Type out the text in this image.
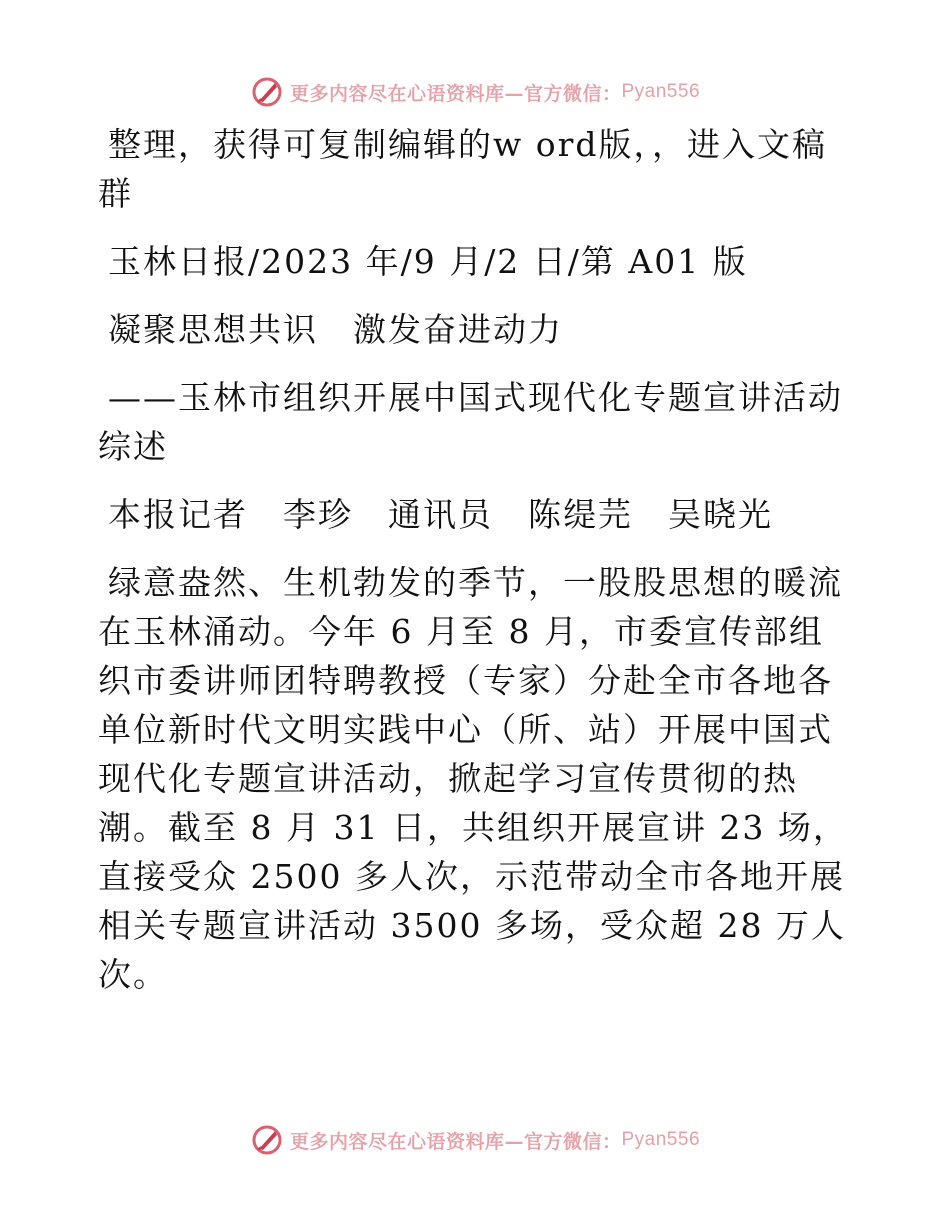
更多内容尽在心语资料库—官方微信： Pyan556

整理，获得可复制编辑的w ord版，，进入文稿群

玉林日报/2023 年/9 月/2 日/第 A01 版

凝聚思想共识　激发奋进动力

——玉林市组织开展中国式现代化专题宣讲活动综述

本报记者　李珍　通讯员　陈缇芫　吴晓光

绿意盎然、生机勃发的季节，一股股思想的暖流在玉林涌动。今年 6 月至 8 月，市委宣传部组织市委讲师团特聘教授（专家）分赴全市各地各单位新时代文明实践中心（所、站）开展中国式现代化专题宣讲活动，掀起学习宣传贯彻的热潮。截至 8 月 31 日，共组织开展宣讲 23 场，直接受众 2500 多人次，示范带动全市各地开展相关专题宣讲活动 3500 多场，受众超 28 万人次。

更多内容尽在心语资料库—官方微信： Pyan556
